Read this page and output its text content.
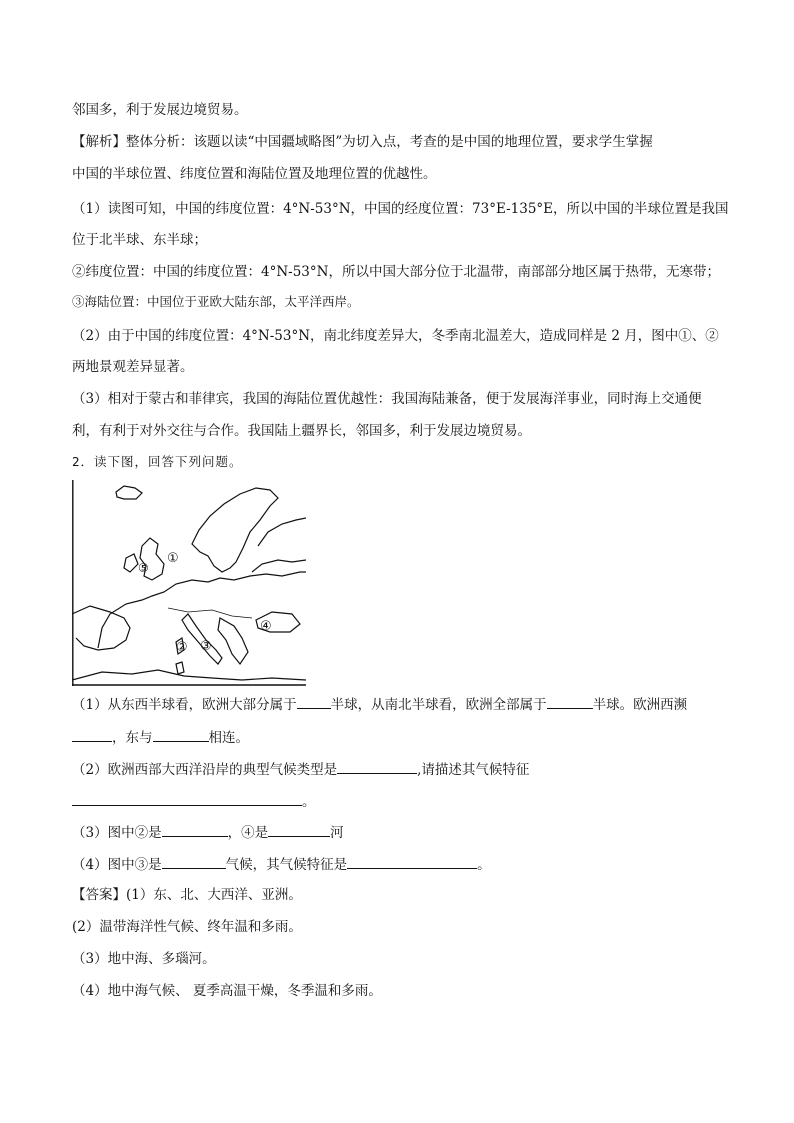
邻国多，利于发展边境贸易。
【解析】整体分析：该题以读“中国疆域略图”为切入点，考查的是中国的地理位置，要求学生掌握
中国的半球位置、纬度位置和海陆位置及地理位置的优越性。
（1）读图可知，中国的纬度位置：4°N-53°N，中国的经度位置：73°E-135°E，所以中国的半球位置是我国
位于北半球、东半球；
②纬度位置：中国的纬度位置：4°N-53°N，所以中国大部分位于北温带，南部部分地区属于热带，无寒带；
③海陆位置：中国位于亚欧大陆东部，太平洋西岸。
（2）由于中国的纬度位置：4°N-53°N，南北纬度差异大，冬季南北温差大，造成同样是 2 月，图中①、②
两地景观差异显著。
（3）相对于蒙古和菲律宾，我国的海陆位置优越性：我国海陆兼备，便于发展海洋事业，同时海上交通便
利，有利于对外交往与合作。我国陆上疆界长，邻国多，利于发展边境贸易。
2．读下图，回答下列问题。
①
② ③
④
⑤
（1）从东西半球看，欧洲大部分属于	半球，从南北半球看，欧洲全部属于	半球。欧洲西濒
，东与	相连。
（2）欧洲西部大西洋沿岸的典型气候类型是	,请描述其气候特征
。
（3）图中②是	，④是	河
（4）图中③是	气候，其气候特征是	。
【答案】(1）东、北、大西洋、亚洲。
(2）温带海洋性气候、终年温和多雨。
（3）地中海、多瑙河。
（4）地中海气候、 夏季高温干燥，冬季温和多雨。
